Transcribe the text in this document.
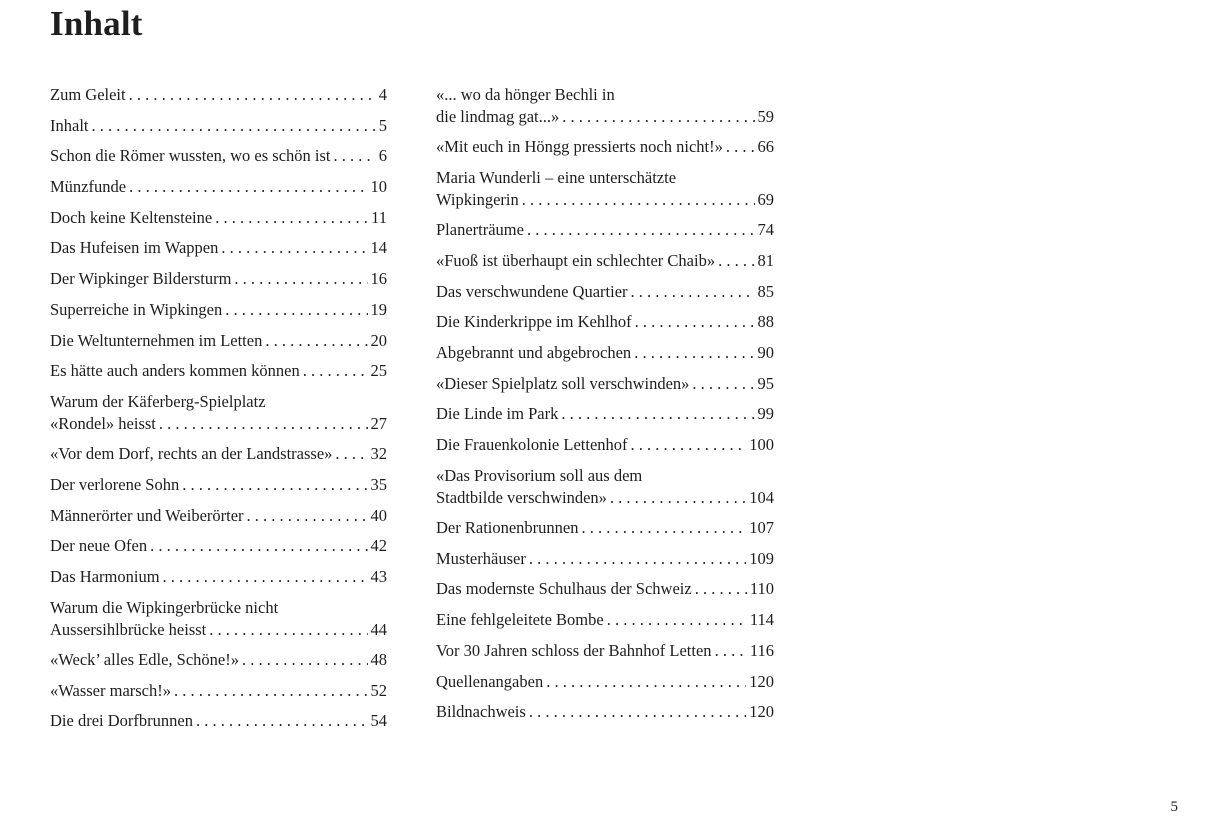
Inhalt
Zum Geleit . . .	4
Inhalt . . .	5
Schon die Römer wussten, wo es schön ist . . .	6
Münzfunde . . .	10
Doch keine Keltensteine . . .	11
Das Hufeisen im Wappen . . .	14
Der Wipkinger Bildersturm . . .	16
Superreiche in Wipkingen . . .	19
Die Weltunternehmen im Letten . . .	20
Es hätte auch anders kommen können . . .	25
Warum der Käferberg-Spielplatz
«Rondel» heisst . . .	27
«Vor dem Dorf, rechts an der Landstrasse» . . . 32
Der verlorene Sohn . . .	35
Männerörter und Weiberörter . . .	40
Der neue Ofen . . .	42
Das Harmonium . . .	43
Warum die Wipkingerbrücke nicht
Aussersihlbrücke heisst . . .	44
«Weck’ alles Edle, Schöne!» . . .	48
«Wasser marsch!» . . .	52
Die drei Dorfbrunnen . . .	54
«... wo da hönger Bechli in
die lindmag gat...» . . .	59
«Mit euch in Höngg pressierts noch nicht!» . . . 66
Maria Wunderli – eine unterschätzte
Wipkingerin . . .	69
Planerträume . . .	74
«Fuoß ist überhaupt ein schlechter Chaib» . . .	81
Das verschwundene Quartier . . .	85
Die Kinderkrippe im Kehlhof . . .	88
Abgebrannt und abgebrochen . . .	90
«Dieser Spielplatz soll verschwinden» . . .	95
Die Linde im Park . . .	99
Die Frauenkolonie Lettenhof . . .	100
«Das Provisorium soll aus dem
Stadtbilde verschwinden» . . .	104
Der Rationenbrunnen . . .	107
Musterhäuser . . .	109
Das modernste Schulhaus der Schweiz . . .	110
Eine fehlgeleitete Bombe . . .	114
Vor 30 Jahren schloss der Bahnhof Letten . . . 116
Quellenangaben . . .	120
Bildnachweis . . .	120
5
